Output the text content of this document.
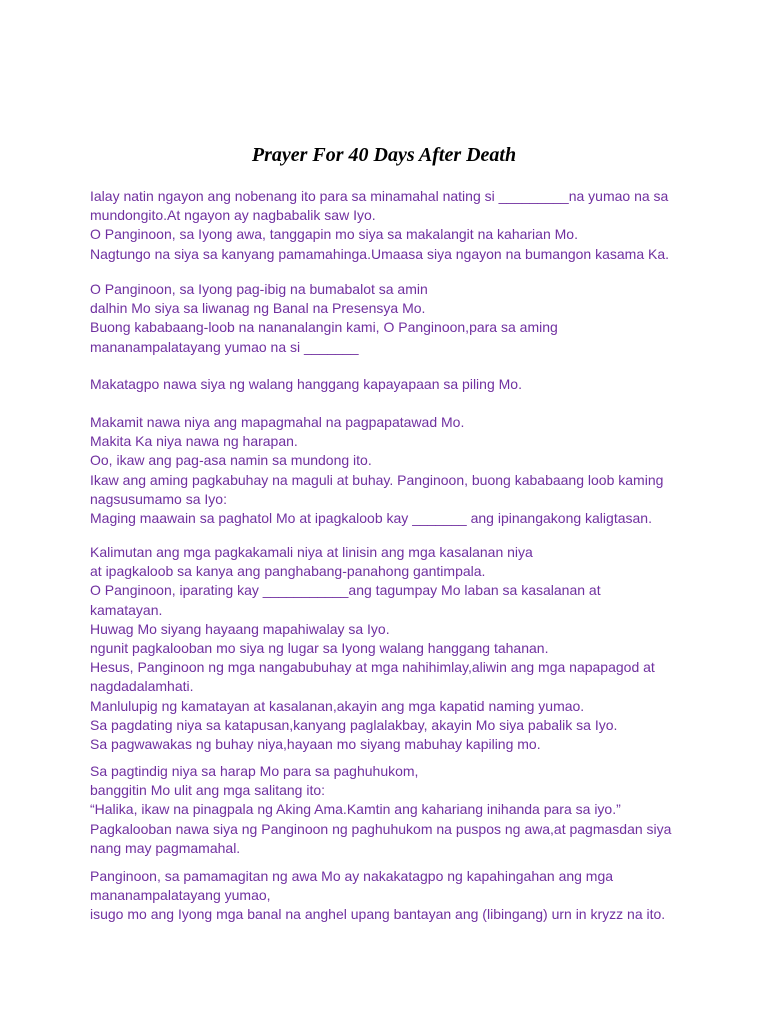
Prayer For 40 Days After Death
Ialay natin ngayon ang nobenang ito para sa minamahal nating si _________na yumao na sa
mundongito.At ngayon ay nagbabalik saw Iyo.
O Panginoon, sa Iyong awa, tanggapin mo siya sa makalangit na kaharian Mo.
Nagtungo na siya sa kanyang pamamahinga.Umaasa siya ngayon na bumangon kasama Ka.
O Panginoon, sa Iyong pag-ibig na bumabalot sa amin
dalhin Mo siya sa liwanag ng Banal na Presensya Mo.
Buong kababaang-loob na nananalangin kami, O Panginoon,para sa aming
mananampalatayang yumao na si _______
Makatagpo nawa siya ng walang hanggang kapayapaan sa piling Mo.
Makamit nawa niya ang mapagmahal na pagpapatawad Mo.
Makita Ka niya nawa ng harapan.
Oo, ikaw ang pag-asa namin sa mundong ito.
Ikaw ang aming pagkabuhay na maguli at buhay. Panginoon, buong kababaang loob kaming
nagsusumamo sa Iyo:
Maging maawain sa paghatol Mo at ipagkaloob kay _______ ang ipinangakong kaligtasan.
Kalimutan ang mga pagkakamali niya at linisin ang mga kasalanan niya
at ipagkaloob sa kanya ang panghabang-panahong gantimpala.
O Panginoon, iparating kay ___________ang tagumpay Mo laban sa kasalanan at
kamatayan.
Huwag Mo siyang hayaang mapahiwalay sa Iyo.
ngunit pagkalooban mo siya ng lugar sa Iyong walang hanggang tahanan.
Hesus, Panginoon ng mga nangabubuhay at mga nahihimlay,aliwin ang mga napapagod at
nagdadalamhati.
Manlulupig ng kamatayan at kasalanan,akayin ang mga kapatid naming yumao.
Sa pagdating niya sa katapusan,kanyang paglalakbay, akayin Mo siya pabalik sa Iyo.
Sa pagwawakas ng buhay niya,hayaan mo siyang mabuhay kapiling mo.
Sa pagtindig niya sa harap Mo para sa paghuhukom,
banggitin Mo ulit ang mga salitang ito:
“Halika, ikaw na pinagpala ng Aking Ama.Kamtin ang kahariang inihanda para sa iyo.”
Pagkalooban nawa siya ng Panginoon ng paghuhukom na puspos ng awa,at pagmasdan siya
nang may pagmamahal.
Panginoon, sa pamamagitan ng awa Mo ay nakakatagpo ng kapahingahan ang mga
mananampalatayang yumao,
isugo mo ang Iyong mga banal na anghel upang bantayan ang (libingang) urn in kryzz na ito.
